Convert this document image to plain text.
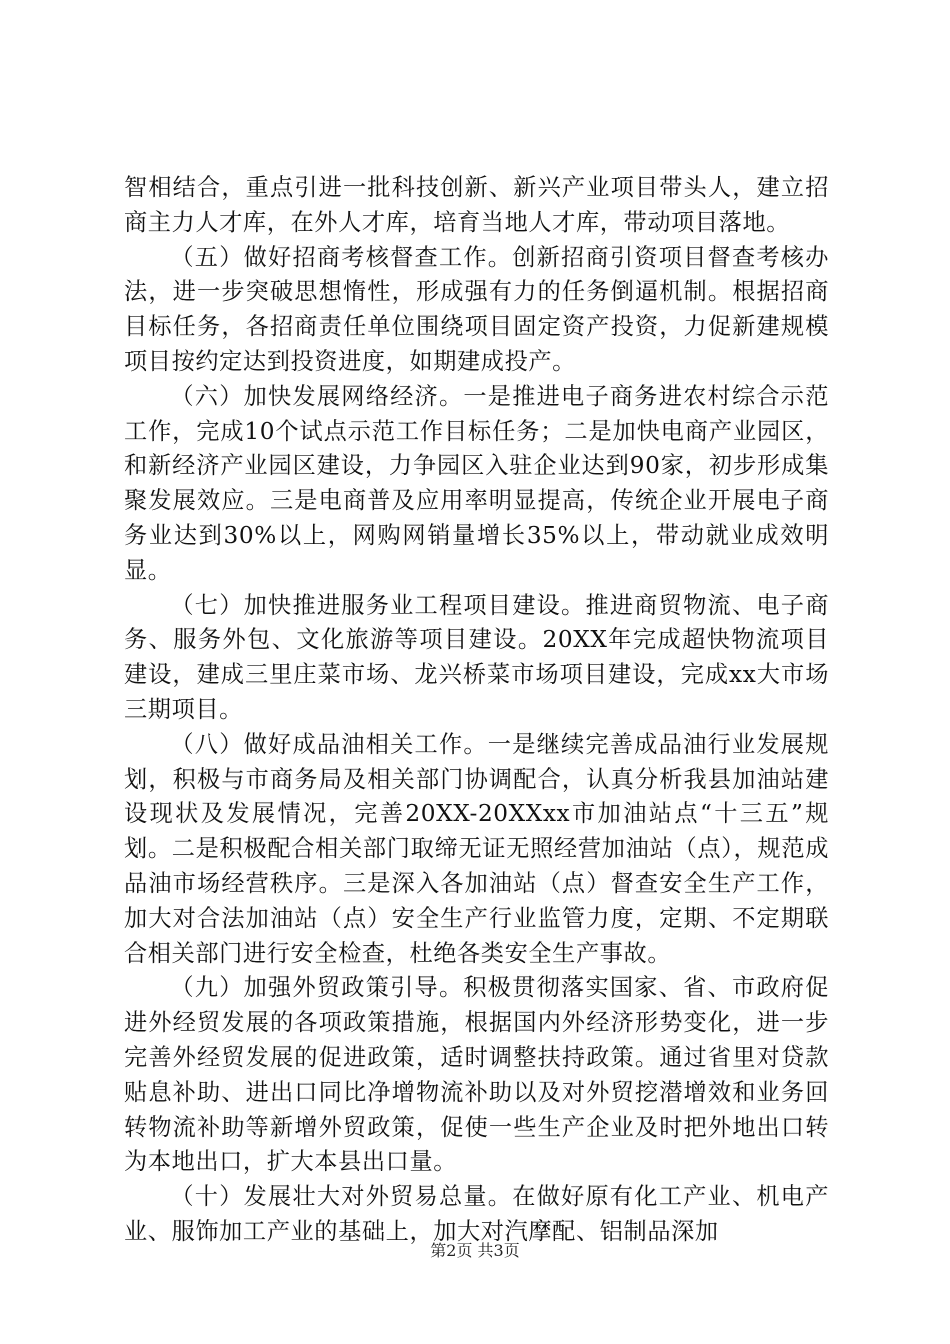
智相结合，重点引进一批科技创新、新兴产业项目带头人，建立招商主力人才库，在外人才库，培育当地人才库，带动项目落地。

（五）做好招商考核督查工作。创新招商引资项目督查考核办法，进一步突破思想惰性，形成强有力的任务倒逼机制。根据招商目标任务，各招商责任单位围绕项目固定资产投资，力促新建规模项目按约定达到投资进度，如期建成投产。

（六）加快发展网络经济。一是推进电子商务进农村综合示范工作，完成10个试点示范工作目标任务；二是加快电商产业园区，和新经济产业园区建设，力争园区入驻企业达到90家，初步形成集聚发展效应。三是电商普及应用率明显提高，传统企业开展电子商务业达到30%以上，网购网销量增长35%以上，带动就业成效明显。

（七）加快推进服务业工程项目建设。推进商贸物流、电子商务、服务外包、文化旅游等项目建设。20XX年完成超快物流项目建设，建成三里庄菜市场、龙兴桥菜市场项目建设，完成xx大市场三期项目。

（八）做好成品油相关工作。一是继续完善成品油行业发展规划，积极与市商务局及相关部门协调配合，认真分析我县加油站建设现状及发展情况，完善20XX-20XXxx市加油站点“十三五”规划。二是积极配合相关部门取缔无证无照经营加油站（点），规范成品油市场经营秩序。三是深入各加油站（点）督查安全生产工作，加大对合法加油站（点）安全生产行业监管力度，定期、不定期联合相关部门进行安全检查，杜绝各类安全生产事故。

（九）加强外贸政策引导。积极贯彻落实国家、省、市政府促进外经贸发展的各项政策措施，根据国内外经济形势变化，进一步完善外经贸发展的促进政策，适时调整扶持政策。通过省里对贷款贴息补助、进出口同比净增物流补助以及对外贸挖潜增效和业务回转物流补助等新增外贸政策，促使一些生产企业及时把外地出口转为本地出口，扩大本县出口量。

（十）发展壮大对外贸易总量。在做好原有化工产业、机电产业、服饰加工产业的基础上，加大对汽摩配、铝制品深加

第2页 共3页
